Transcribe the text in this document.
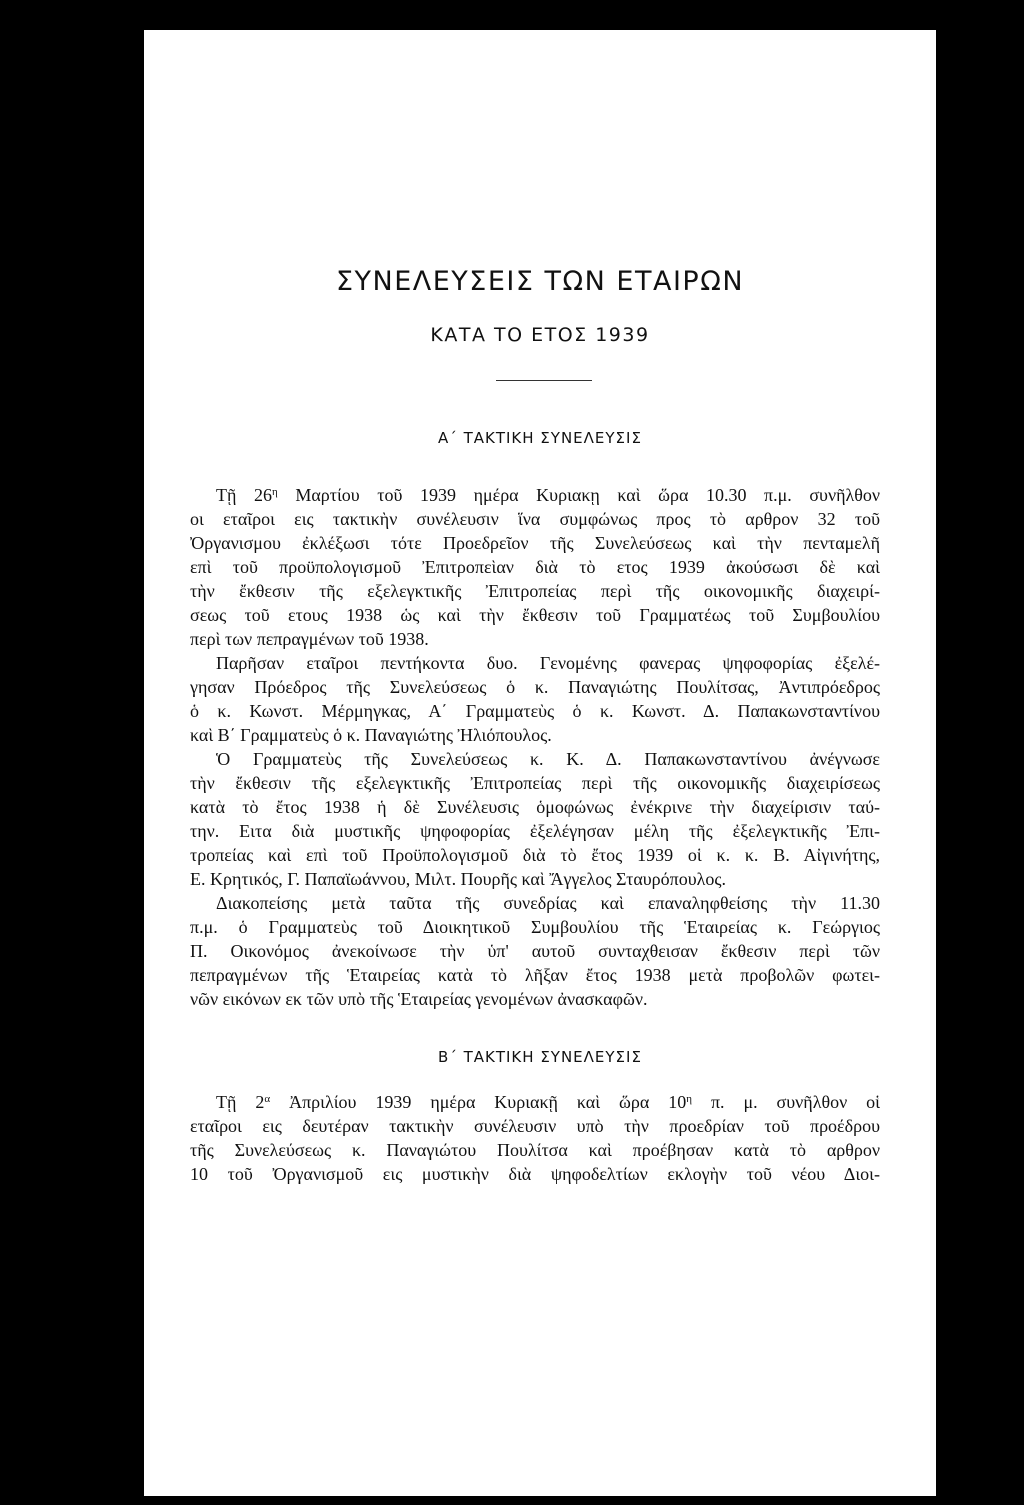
ΣΥΝΕΛΕΥΣΕΙΣ ΤΩΝ ΕΤΑΙΡΩΝ
ΚΑΤΑ ΤΟ ΕΤΟΣ 1939
Α΄ ΤΑΚΤΙΚΗ ΣΥΝΕΛΕΥΣΙΣ
Τῇ $26^\eta$ Μαρτίου τοῦ 1939 ημέρα Κυριακῃ καὶ ὥρα 10.30 π.μ. συνῆλθον
οι εταῖροι εις τακτικὴν συνέλευσιν ἵνα συμφώνως προς τὸ αρθρον 32 τοῦ
Ὀργανισμου ἐκλέξωσι τότε Προεδρεῖον τῆς Συνελεύσεως καὶ τὴν πενταμελῆ
επὶ τοῦ προϋπολογισμοῦ Ἐπιτροπεὶαν διὰ τὸ ετος 1939 ἀκούσωσι δὲ καὶ
τὴν ἔκθεσιν τῆς εξελεγκτικῆς Ἐπιτροπείας περὶ τῆς οικονομικῆς διαχειρί-
σεως τοῦ ετους 1938 ὡς καὶ τὴν ἔκθεσιν τοῦ Γραμματέως τοῦ Συμβουλίου
περὶ των πεπραγμένων τοῦ 1938.
Παρῆσαν εταῖροι πεντήκοντα δυο. Γενομένης φανερας ψηφοφορίας ἐξελέ-
γησαν Πρόεδρος τῆς Συνελεύσεως ὁ κ. Παναγιώτης Πουλίτσας, Ἀντιπρόεδρος
ὁ κ. Κωνστ. Μέρμηγκας, Α΄ Γραμματεὺς ὁ κ. Κωνστ. Δ. Παπακωνσταντίνου
καὶ Β΄ Γραμματεὺς ὁ κ. Παναγιώτης Ἠλιόπουλος.
Ὁ Γραμματεὺς τῆς Συνελεύσεως κ. Κ. Δ. Παπακωνσταντίνου ἀνέγνωσε
τὴν ἔκθεσιν τῆς εξελεγκτικῆς Ἐπιτροπείας περὶ τῆς οικονομικῆς διαχειρίσεως
κατὰ τὸ ἔτος 1938 ἡ δὲ Συνέλευσις ὁμοφώνως ἐνέκρινε τὴν διαχείρισιν ταύ-
την. Ειτα διὰ μυστικῆς ψηφοφορίας ἐξελέγησαν μέλη τῆς ἐξελεγκτικῆς Ἐπι-
τροπείας καὶ επὶ τοῦ Προϋπολογισμοῦ διὰ τὸ ἔτος 1939 οἱ κ. κ. Β. Αἰγινήτης,
Ε. Κρητικός, Γ. Παπαϊωάννου, Μιλτ. Πουρῆς καὶ Ἄγγελος Σταυρόπουλος.
Διακοπείσης μετὰ ταῦτα τῆς συνεδρίας καὶ επαναληφθείσης τὴν 11.30
π.μ. ὁ Γραμματεὺς τοῦ Διοικητικοῦ Συμβουλίου τῆς Ἑταιρείας κ. Γεώργιος
Π. Οικονόμος ἀνεκοίνωσε τὴν ὑπ' αυτοῦ συνταχθεισαν ἔκθεσιν περὶ τῶν
πεπραγμένων τῆς Ἑταιρείας κατὰ τὸ λῆξαν ἔτος 1938 μετὰ προβολῶν φωτει-
νῶν εικόνων εκ τῶν υπὸ τῆς Ἑταιρείας γενομένων ἀνασκαφῶν.
Β΄ ΤΑΚΤΙΚΗ ΣΥΝΕΛΕΥΣΙΣ
Τῇ $2^\alpha$ Ἀπριλίου 1939 ημέρα Κυριακῇ καὶ ὥρα $10^\eta$ π. μ. συνῆλθον οἱ
εταῖροι εις δευτέραν τακτικὴν συνέλευσιν υπὸ τὴν προεδρίαν τοῦ προέδρου
τῆς Συνελεύσεως κ. Παναγιώτου Πουλίτσα καὶ προέβησαν κατὰ τὸ αρθρον
10 τοῦ Ὀργανισμοῦ εις μυστικὴν διὰ ψηφοδελτίων εκλογὴν τοῦ νέου Διοι-
